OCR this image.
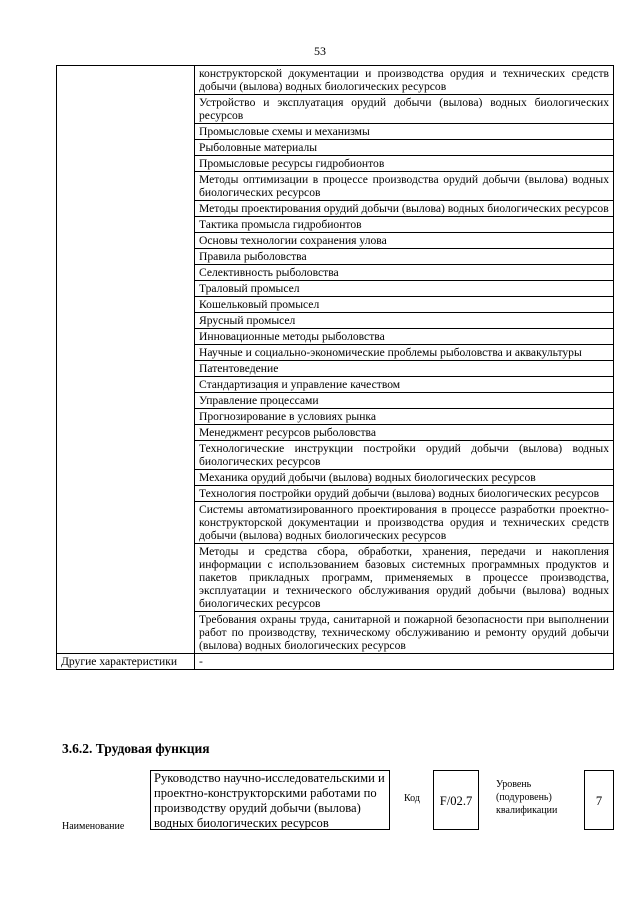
53
	конструкторской документации и производства орудия и технических средств добычи (вылова) водных биологических ресурсов
	Устройство и эксплуатация орудий добычи (вылова) водных биологических ресурсов
	Промысловые схемы и механизмы
	Рыболовные материалы
	Промысловые ресурсы гидробионтов
	Методы оптимизации в процессе производства орудий добычи (вылова) водных биологических ресурсов
	Методы проектирования орудий добычи (вылова) водных биологических ресурсов
	Тактика промысла гидробионтов
	Основы технологии сохранения улова
	Правила рыболовства
	Селективность рыболовства
	Траловый промысел
	Кошельковый промысел
	Ярусный промысел
	Инновационные методы рыболовства
	Научные и социально-экономические проблемы рыболовства и аквакультуры
	Патентоведение
	Стандартизация и управление качеством
	Управление процессами
	Прогнозирование в условиях рынка
	Менеджмент ресурсов рыболовства
	Технологические инструкции постройки орудий добычи (вылова) водных биологических ресурсов
	Механика орудий добычи (вылова) водных биологических ресурсов
	Технология постройки орудий добычи (вылова) водных биологических ресурсов
	Системы автоматизированного проектирования в процессе разработки проектно-конструкторской документации и производства орудия и технических средств добычи (вылова) водных биологических ресурсов
	Методы и средства сбора, обработки, хранения, передачи и накопления информации с использованием базовых системных программных продуктов и пакетов прикладных программ, применяемых в процессе производства, эксплуатации и технического обслуживания орудий добычи (вылова) водных биологических ресурсов
	Требования охраны труда, санитарной и пожарной безопасности при выполнении работ по производству, техническому обслуживанию и ремонту орудий добычи (вылова) водных биологических ресурсов
Другие характеристики	-
3.6.2. Трудовая функция
Наименование
Руководство научно-исследовательскими и проектно-конструкторскими работами по производству орудий добычи (вылова) водных биологических ресурсов
Код	F/02.7
Уровень (подуровень) квалификации
7
